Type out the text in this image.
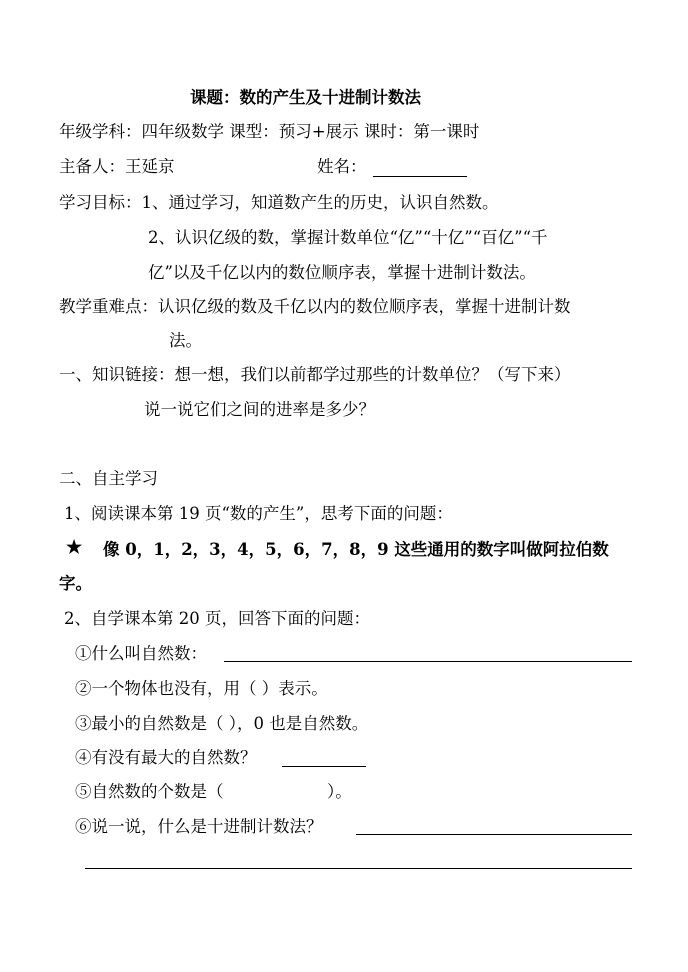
课题：数的产生及十进制计数法
年级学科：四年级数学 课型：预习+展示 课时：第一课时
主备人：王延京	姓名：
学习目标：1、通过学习，知道数产生的历史，认识自然数。
2、认识亿级的数，掌握计数单位“亿”“十亿”“百亿”“千
亿”以及千亿以内的数位顺序表，掌握十进制计数法。
教学重难点：认识亿级的数及千亿以内的数位顺序表，掌握十进制计数
法。
一、知识链接：想一想，我们以前都学过那些的计数单位？（写下来）
说一说它们之间的进率是多少？
二、自主学习
1、阅读课本第 19 页“数的产生”，思考下面的问题：
★ 像 0，1，2，3，4，5，6，7，8，9 这些通用的数字叫做阿拉伯数
字。
2、自学课本第 20 页，回答下面的问题：
①什么叫自然数：
②一个物体也没有，用（ ）表示。
③最小的自然数是（ ），0 也是自然数。
④有没有最大的自然数？
⑤自然数的个数是（	）。
⑥说一说，什么是十进制计数法？
